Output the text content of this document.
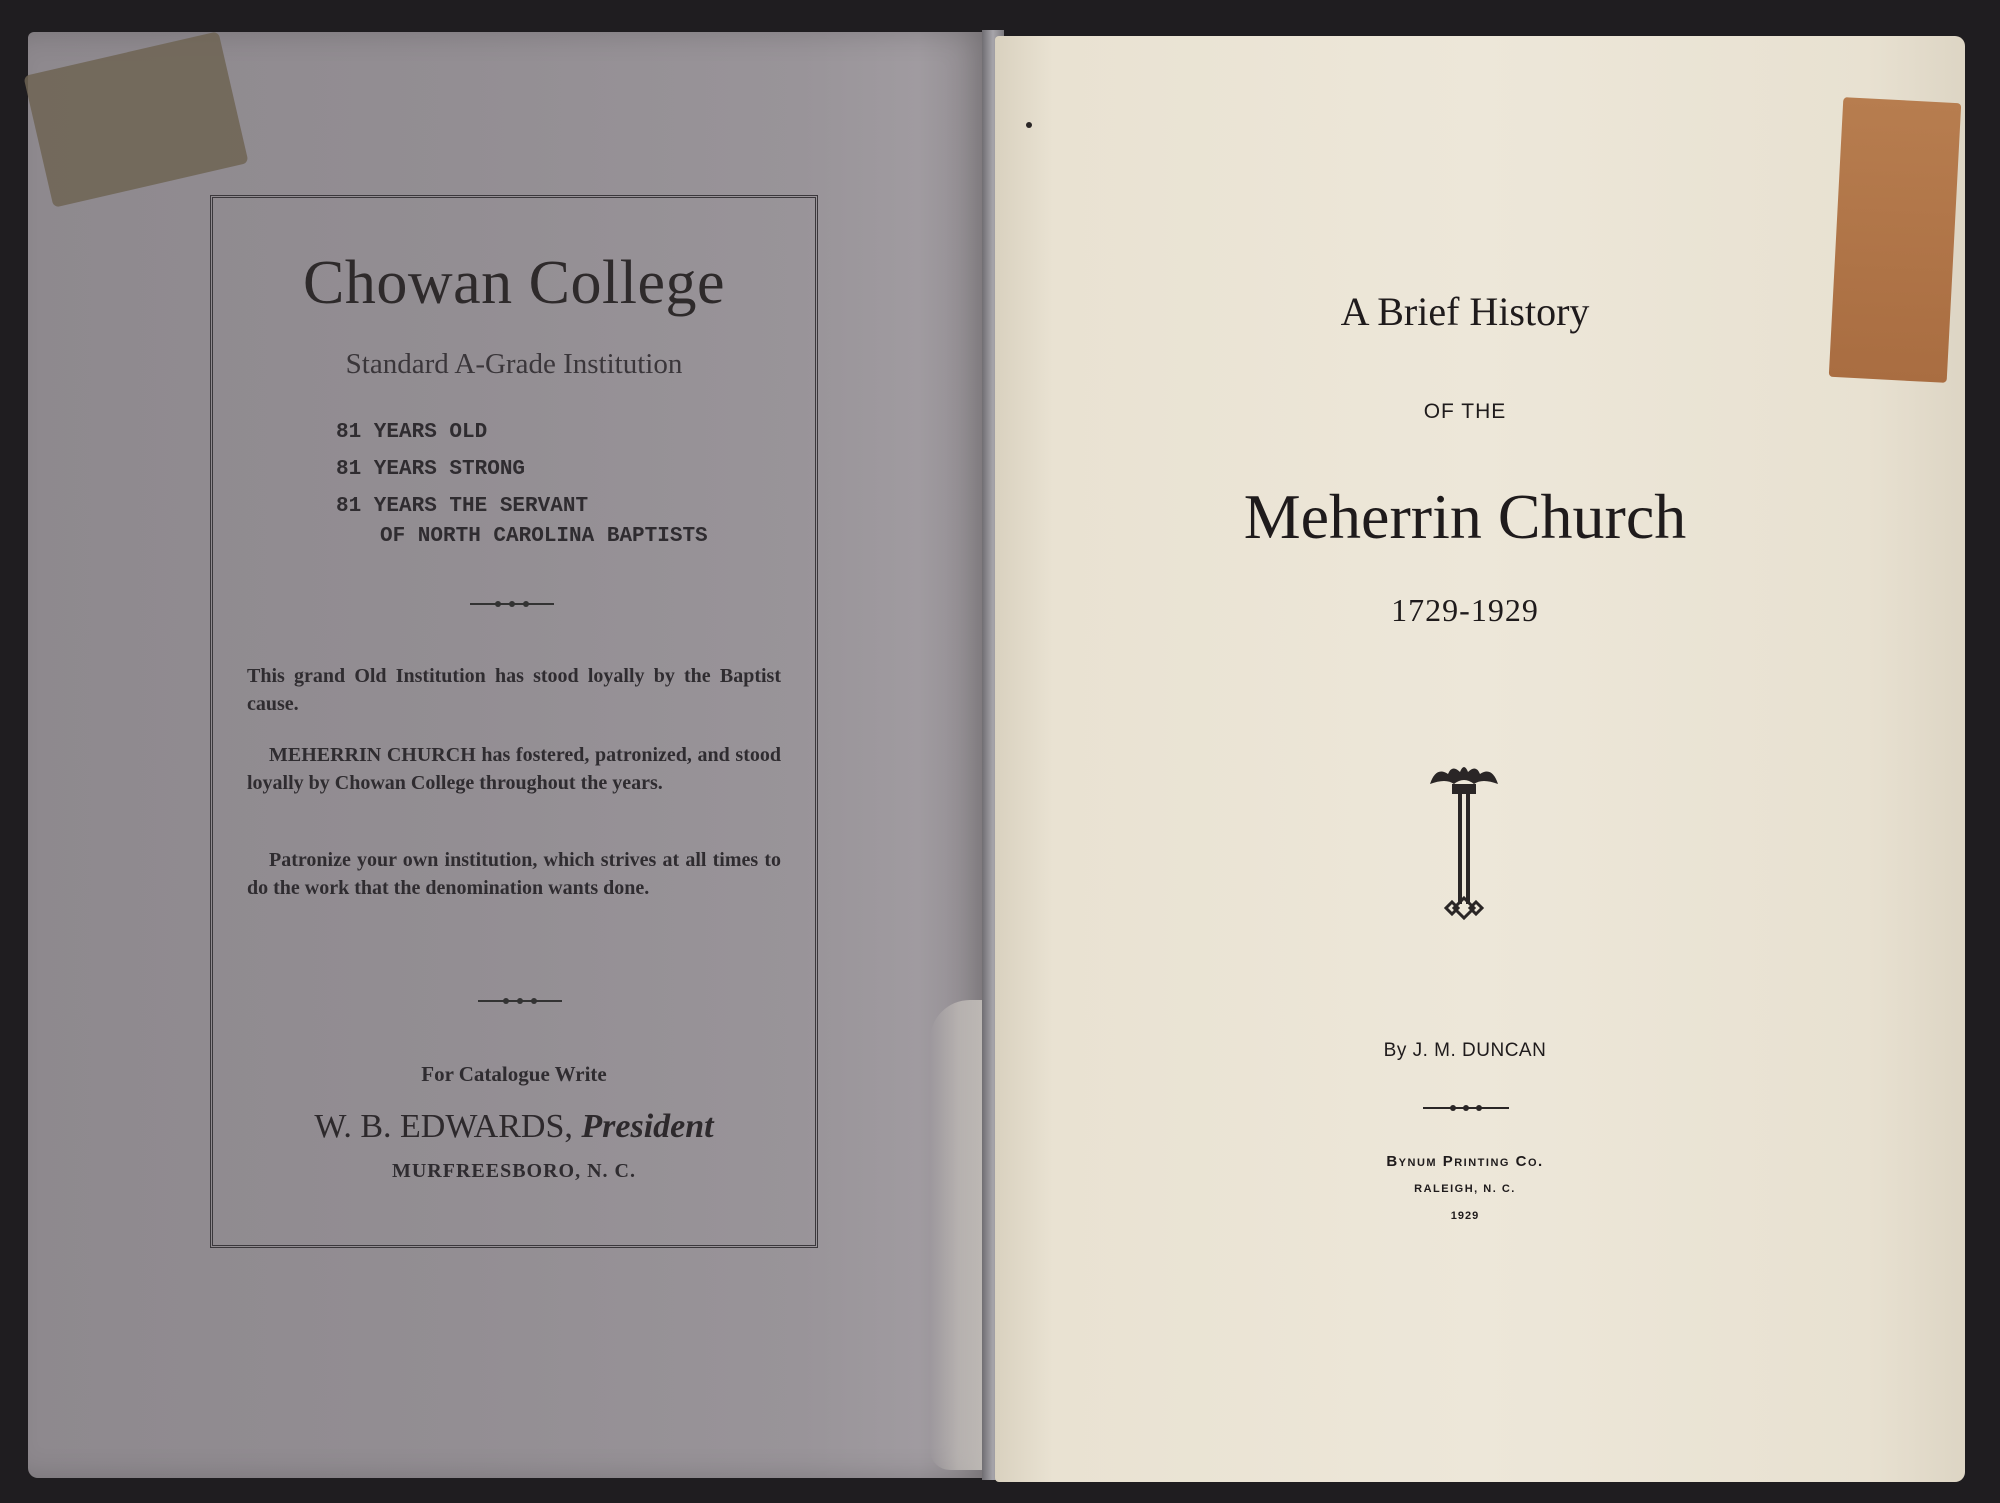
Chowan College
Standard A-Grade Institution
81 YEARS OLD
81 YEARS STRONG
81 YEARS THE SERVANT
OF NORTH CAROLINA BAPTISTS
This grand Old Institution has stood loyally by the Baptist cause.
MEHERRIN CHURCH has fostered, patronized, and stood loyally by Chowan College throughout the years.
Patronize your own institution, which strives at all times to do the work that the denomination wants done.
For Catalogue Write
W. B. EDWARDS, President
MURFREESBORO, N. C.
A Brief History
OF THE
Meherrin Church
1729-1929
By J. M. DUNCAN
Bynum Printing Co.
RALEIGH, N. C.
1929
